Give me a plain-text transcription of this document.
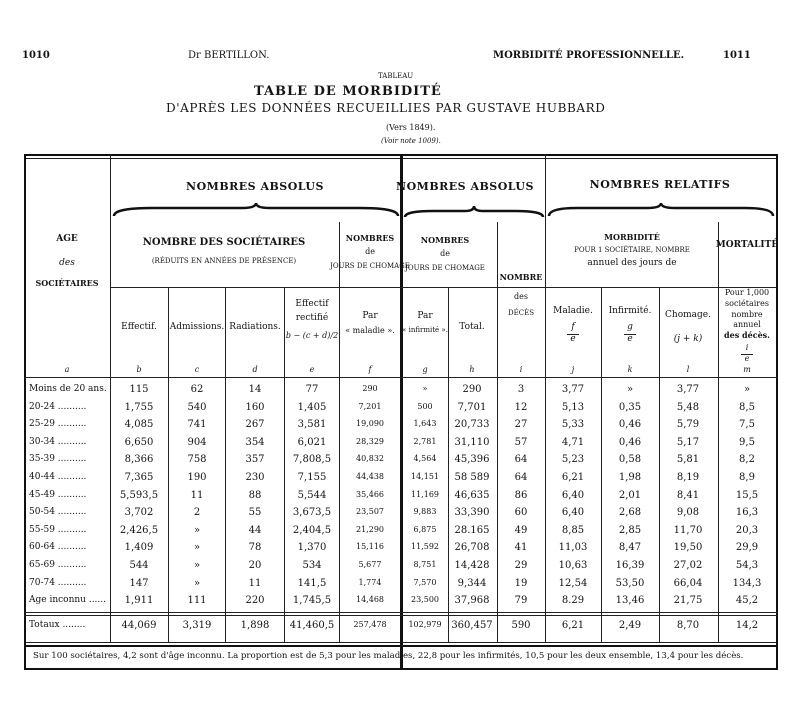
1010	Dr BERTILLON.	MORBIDITÉ PROFESSIONNELLE.	1011
TABLEAU
TABLE DE MORBIDITÉ
D'APRÈS LES DONNÉES RECUEILLIES PAR GUSTAVE HUBBARD
(Vers 1849).
(Voir note 1009).
NOMBRES ABSOLUS	NOMBRES ABSOLUS	NOMBRES RELATIFS
AGE
des
SOCIÉTAIRES
NOMBRE DES SOCIÉTAIRES
(RÉDUITS EN ANNÉES DE PRÉSENCE)
NOMBRES
de
JOURS DE CHOMAGE
NOMBRES
de
JOURS DE CHOMAGE
NOMBRE
des
DÉCÈS
MORBIDITÉ
POUR 1 SOCIÉTAIRE, NOMBRE
annuel des jours de
MORTALITÉ
Effectif. Admissions. Radiations.
Effectif
rectifié
b − (c + d)/2
Par
« maladie ».
Par
« infirmité ». Total.
Maladie.
f
e
Infirmité.
g
e
Chomage.
(j + k)
Pour 1,000
sociétaires
nombre
annuel
des décès.
i
e
a	b	c	d	e	f	g	h	i	j	k	l	m
Moins de 20 ans. 115	62	14	77	290	»	290	3	3,77	»	3,77	»
20-24 ..........	1,755	540	160	1,405	7,201	500	7,701	12	5,13	0,35	5,48	8,5
25-29 ..........	4,085	741	267	3,581	19,090	1,643 20,733	27	5,33	0,46	5,79	7,5
30-34 ..........	6,650	904	354	6,021	28,329	2,781 31,110	57	4,71	0,46	5,17	9,5
35-39 ..........	8,366	758	357	7,808,5	40,832	4,564 45,396	64	5,23	0,58	5,81	8,2
40-44 ..........	7,365	190	230	7,155	44,438	14,151 58 589	64	6,21	1,98	8,19	8,9
45-49 ..........	5,593,5	11	88	5,544	35,466	11,169 46,635	86	6,40	2,01	8,41	15,5
50-54 ..........	3,702	2	55	3,673,5	23,507	9,883 33,390	60	6,40	2,68	9,08	16,3
55-59 ..........	2,426,5	»	44	2,404,5	21,290	6,875 28.165	49	8,85	2,85	11,70	20,3
60-64 ..........	1,409	»	78	1,370	15,116	11,592 26,708	41	11,03	8,47	19,50	29,9
65-69 ..........	544	»	20	534	5,677	8,751 14,428	29	10,63	16,39	27,02	54,3
70-74 ..........	147	»	11	141,5	1,774	7,570 9,344	19	12,54	53,50	66,04	134,3
Age inconnu ...... 1,911	111	220	1,745,5	14,468	23,500 37,968	79	8.29	13,46	21,75	45,2
Totaux ........	44,069	3,319	1,898 41,460,5 257,478	102,979 360,457 590	6,21	2,49	8,70	14,2
Sur 100 sociétaires, 4,2 sont d'âge inconnu. La proportion est de 5,3 pour les maladies, 22,8 pour les infirmités, 10,5 pour les deux ensemble, 13,4 pour les décès.
